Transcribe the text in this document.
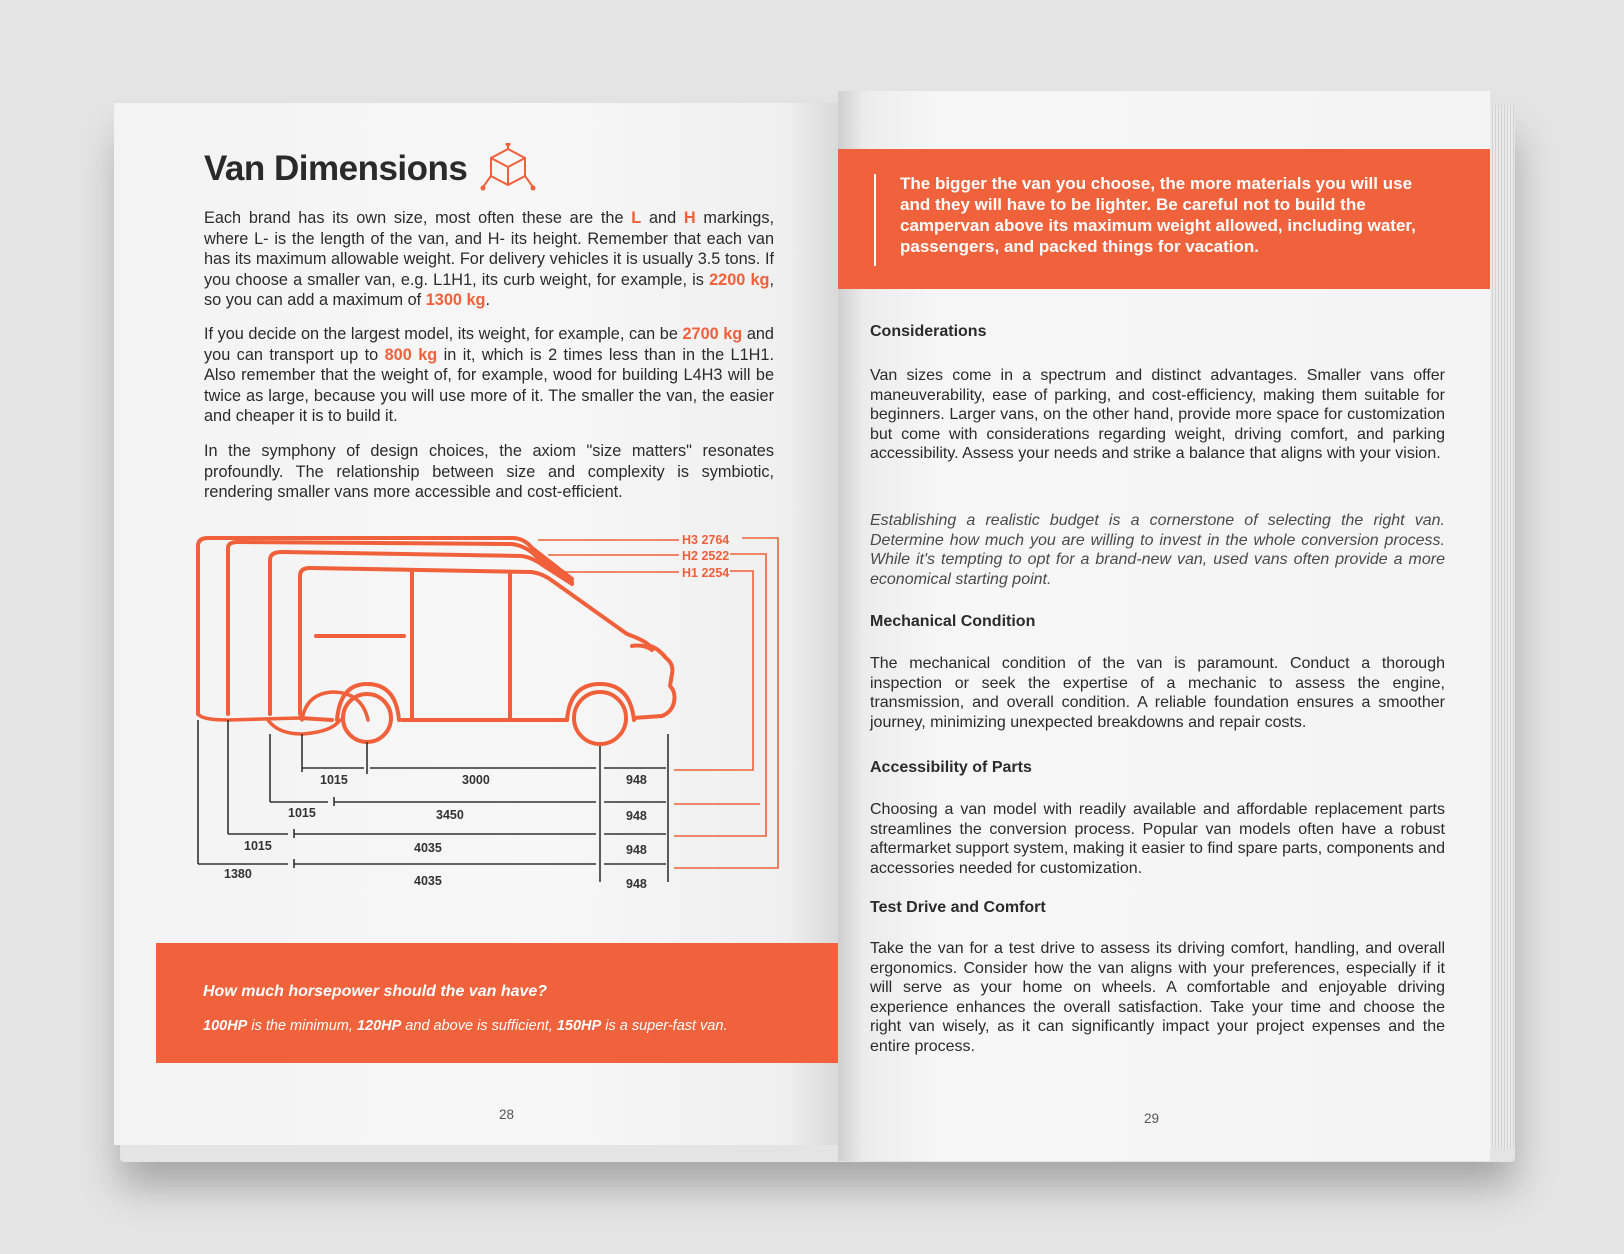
Van Dimensions

Each brand has its own size, most often these are the L and H markings, where L- is the length of the van, and H- its height. Remember that each van has its maximum allowable weight. For delivery vehicles it is usually 3.5 tons. If you choose a smaller van, e.g. L1H1, its curb weight, for example, is 2200 kg, so you can add a maximum of 1300 kg.

If you decide on the largest model, its weight, for example, can be 2700 kg and you can transport up to 800 kg in it, which is 2 times less than in the L1H1. Also remember that the weight of, for example, wood for building L4H3 will be twice as large, because you will use more of it. The smaller the van, the easier and cheaper it is to build it.

In the symphony of design choices, the axiom "size matters" resonates profoundly. The relationship between size and complexity is symbiotic, rendering smaller vans more accessible and cost-efficient.

H3 2764
H2 2522
H1 2254
1015	3000	948
1015	3450	948
1015	4035	948
1380	4035	948

How much horsepower should the van have?

100HP is the minimum, 120HP and above is sufficient, 150HP is a super-fast van.

28

The bigger the van you choose, the more materials you will use and they will have to be lighter. Be careful not to build the campervan above its maximum weight allowed, including water, passengers, and packed things for vacation.

Considerations

Van sizes come in a spectrum and distinct advantages. Smaller vans offer maneuverability, ease of parking, and cost-efficiency, making them suitable for beginners. Larger vans, on the other hand, provide more space for customization but come with considerations regarding weight, driving comfort, and parking accessibility. Assess your needs and strike a balance that aligns with your vision.

Establishing a realistic budget is a cornerstone of selecting the right van. Determine how much you are willing to invest in the whole conversion process. While it's tempting to opt for a brand-new van, used vans often provide a more economical starting point.

Mechanical Condition

The mechanical condition of the van is paramount. Conduct a thorough inspection or seek the expertise of a mechanic to assess the engine, transmission, and overall condition. A reliable foundation ensures a smoother journey, minimizing unexpected breakdowns and repair costs.

Accessibility of Parts

Choosing a van model with readily available and affordable replacement parts streamlines the conversion process. Popular van models often have a robust aftermarket support system, making it easier to find spare parts, components and accessories needed for customization.

Test Drive and Comfort

Take the van for a test drive to assess its driving comfort, handling, and overall ergonomics. Consider how the van aligns with your preferences, especially if it will serve as your home on wheels. A comfortable and enjoyable driving experience enhances the overall satisfaction. Take your time and choose the right van wisely, as it can significantly impact your project expenses and the entire process.

29
